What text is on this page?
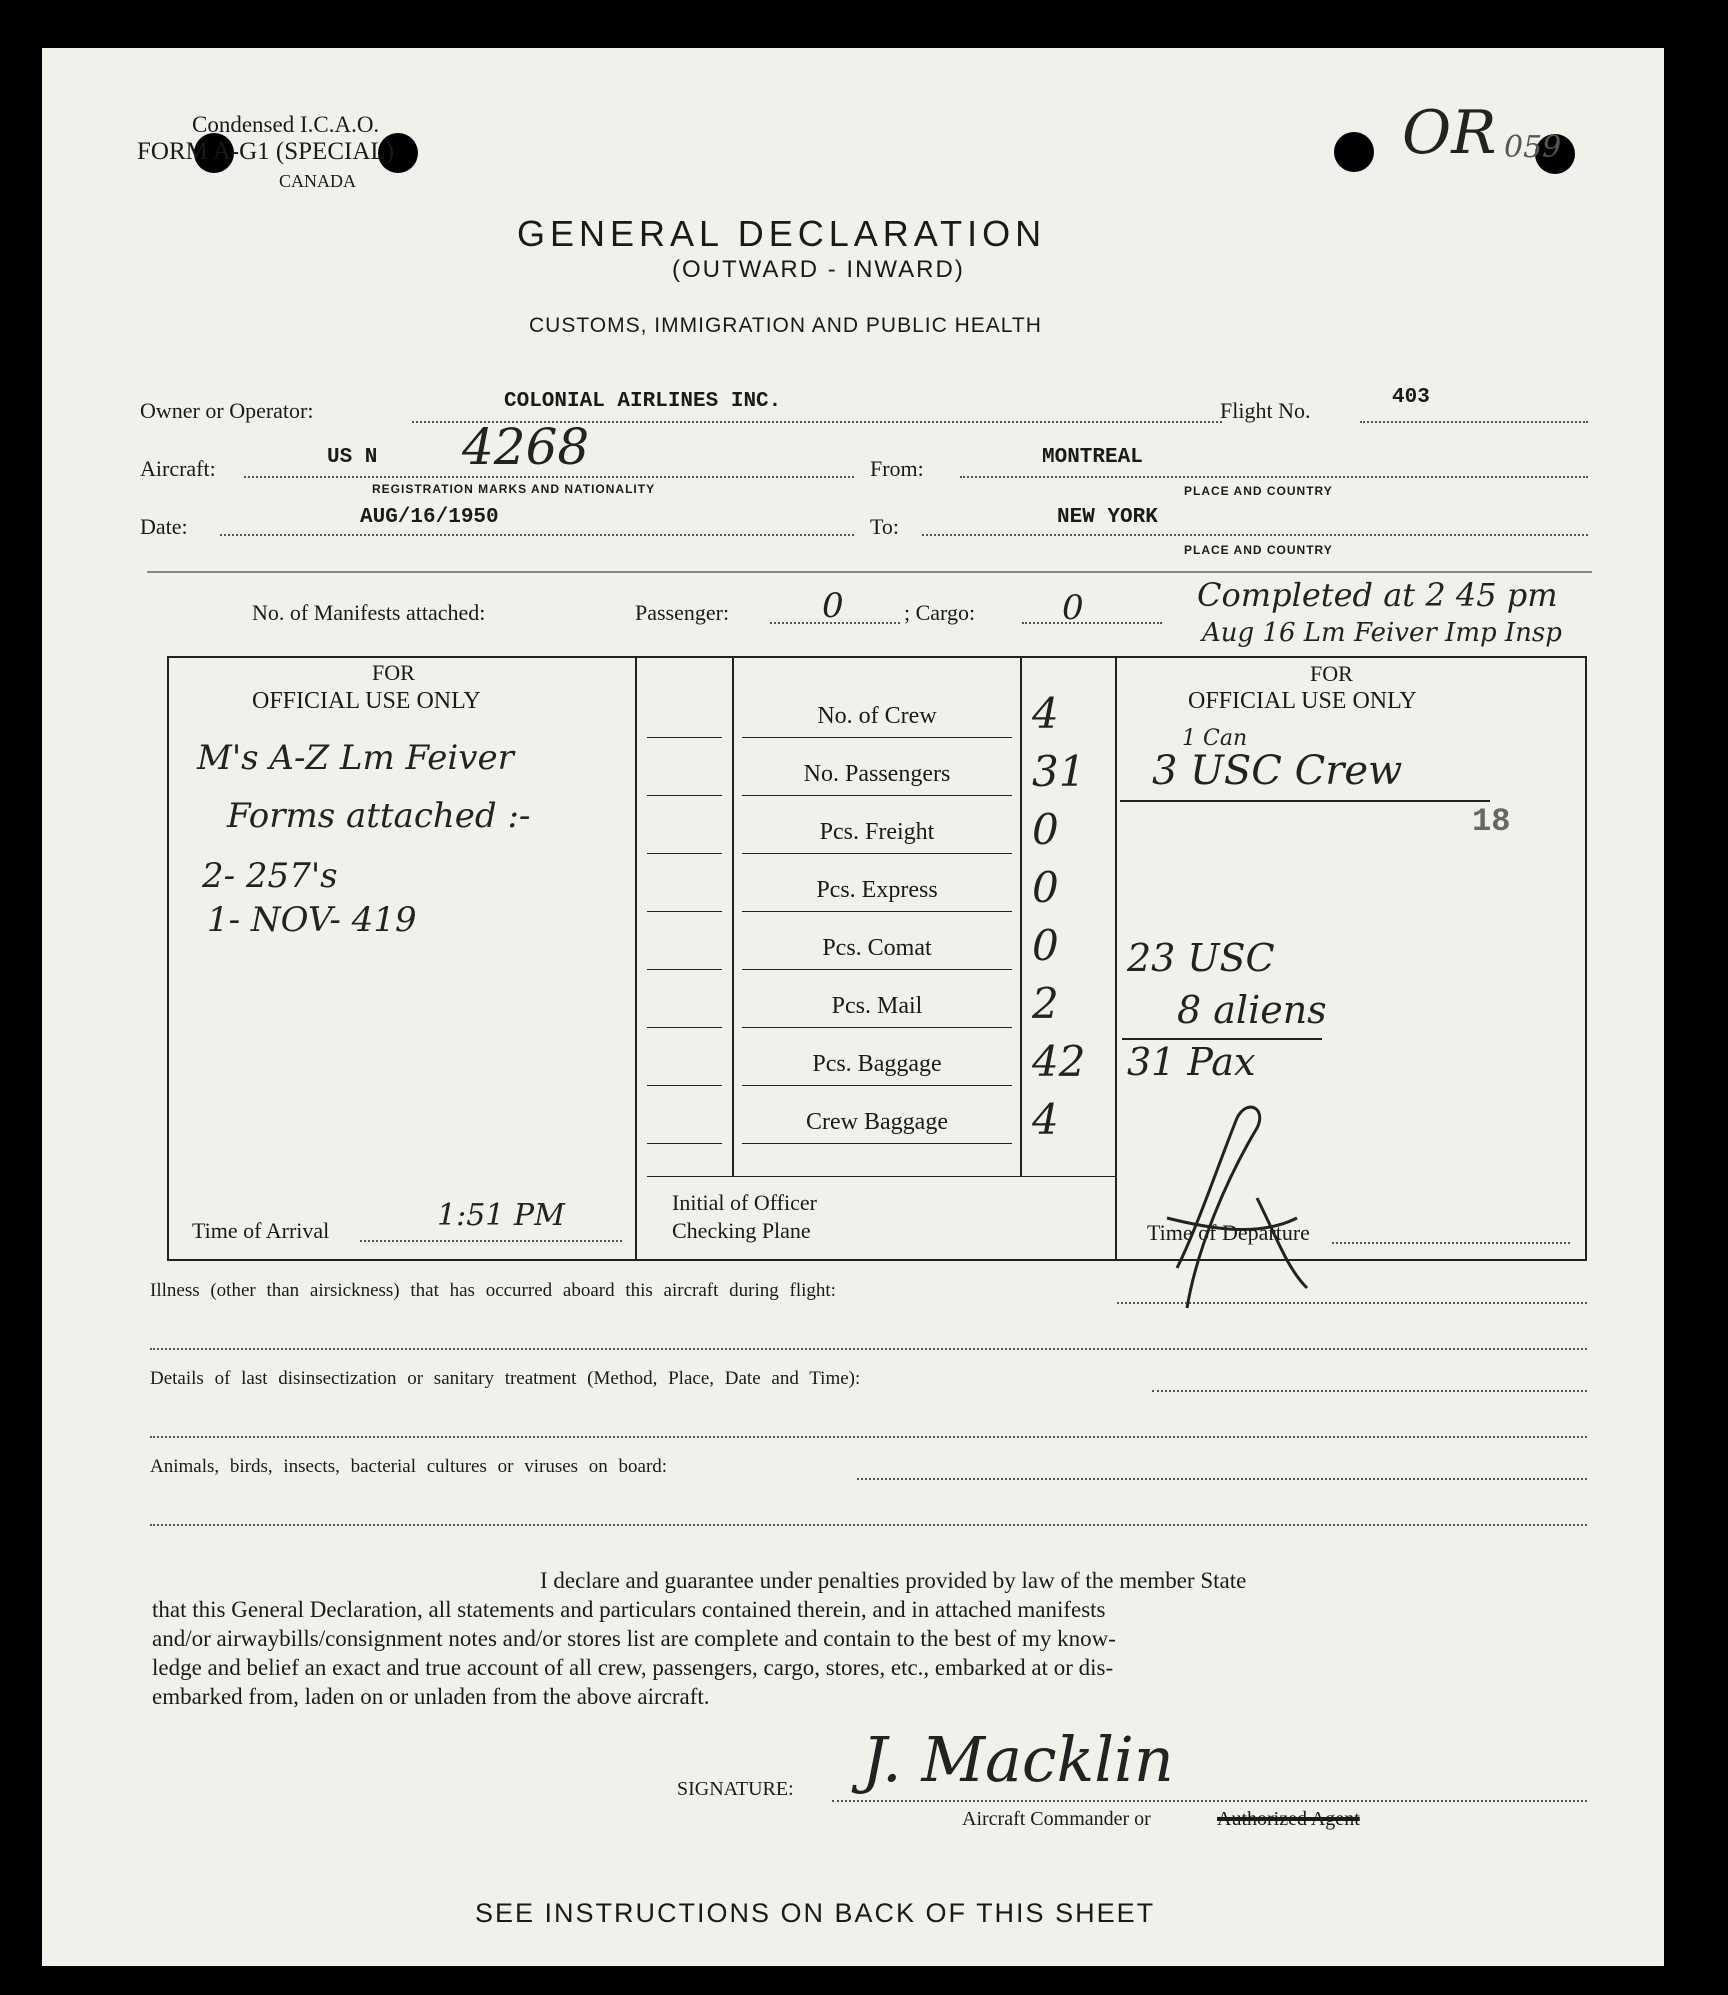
Condensed I.C.A.O.
FORM A-G1 (SPECIAL)
CANADA
OR 059
GENERAL DECLARATION
(OUTWARD - INWARD)
CUSTOMS, IMMIGRATION AND PUBLIC HEALTH
Owner or Operator:	COLONIAL AIRLINES INC.	Flight No.
403
Aircraft:	US N 4268
REGISTRATION MARKS AND NATIONALITY
From:	MONTREAL
PLACE AND COUNTRY
Date:	AUG/16/1950	To:	NEW YORK
PLACE AND COUNTRY
No. of Manifests attached:	Passenger:	0	; Cargo:	0	Completed at 2 45 pm
Aug 16 Lm Feiver Imp Insp
FOR
OFFICIAL USE ONLY
FOR
OFFICIAL USE ONLY
M's A-Z Lm Feiver
Forms attached :-
2- 257's
1- NOV- 419
Time of Arrival	1:51 PM	Initial of Officer
Checking Plane
1 Can
3 USC Crew
18
23 USC
8 aliens
31 Pax
Time of Departure
Illness (other than airsickness) that has occurred aboard this aircraft during flight:
Details of last disinsectization or sanitary treatment (Method, Place, Date and Time):
Animals, birds, insects, bacterial cultures or viruses on board:
I declare and guarantee under penalties provided by law of the member State
that this General Declaration, all statements and particulars contained therein, and in attached manifests
and/or airwaybills/consignment notes and/or stores list are complete and contain to the best of my know-
ledge and belief an exact and true account of all crew, passengers, cargo, stores, etc., embarked at or dis-
embarked from, laden on or unladen from the above aircraft.
SIGNATURE: J. Macklin
Aircraft Commander or	Authorized Agent
SEE INSTRUCTIONS ON BACK OF THIS SHEET
No. of Crew	4
No. Passengers	31
Pcs. Freight	0
Pcs. Express	0
Pcs. Comat	0
Pcs. Mail	2
Pcs. Baggage	42
Crew Baggage	4
